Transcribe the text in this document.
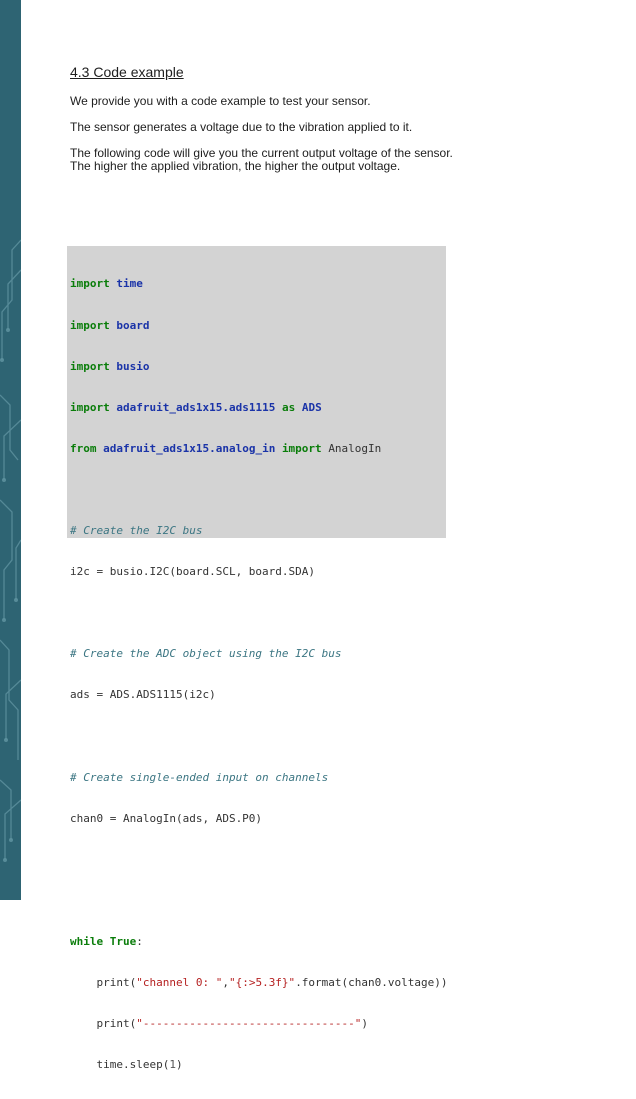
4.3 Code example

We provide you with a code example to test your sensor.

The sensor generates a voltage due to the vibration applied to it.

The following code will give you the current output voltage of the sensor.
The higher the applied vibration, the higher the output voltage.

import time

import board

import busio

import adafruit_ads1x15.ads1115 as ADS

from adafruit_ads1x15.analog_in import AnalogIn

# Create the I2C bus

i2c = busio.I2C(board.SCL, board.SDA)

# Create the ADC object using the I2C bus

ads = ADS.ADS1115(i2c)

# Create single-ended input on channels

chan0 = AnalogIn(ads, ADS.P0)

while True:

print("channel 0: ","{:>5.3f}".format(chan0.voltage))

print("--------------------------------")

time.sleep(1)
